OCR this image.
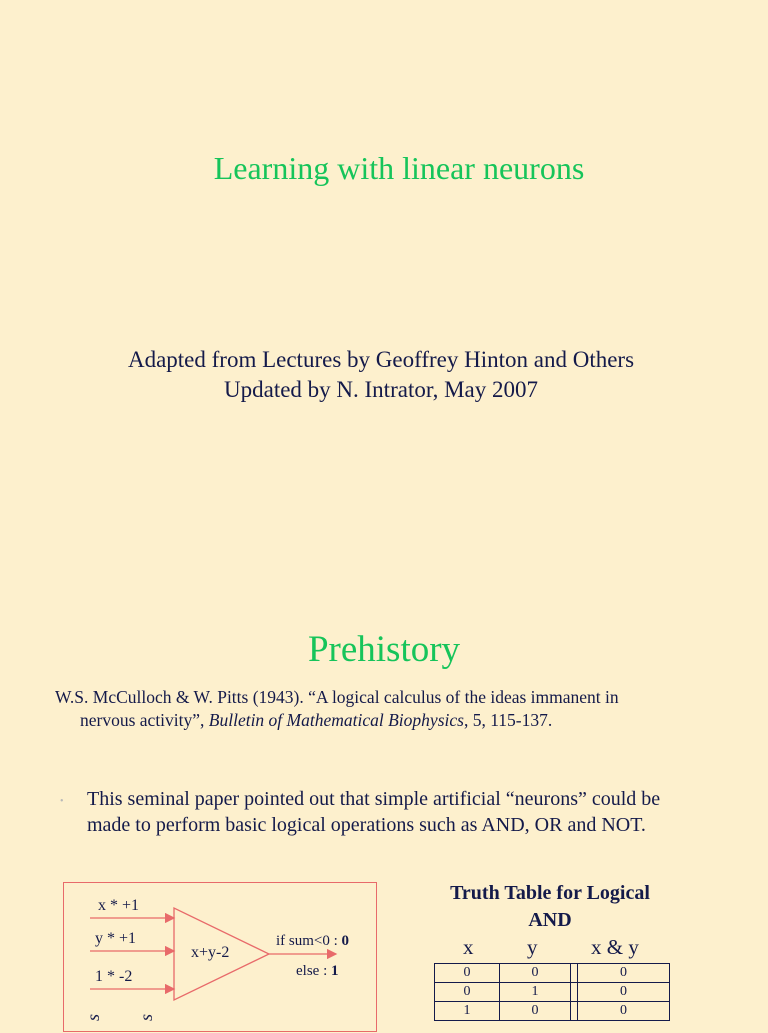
Learning with linear neurons
Adapted from Lectures by Geoffrey Hinton and Others
Updated by N. Intrator, May 2007
Prehistory
W.S. McCulloch & W. Pitts (1943). “A logical calculus of the ideas immanent in
nervous activity”, Bulletin of Mathematical Biophysics, 5, 115-137.
• This seminal paper pointed out that simple artificial “neurons” could be made to perform basic logical operations such as AND, OR and NOT.
x * +1
y * +1
1 * -2
x+y-2
if sum<0 : 0
else : 1
s s
Truth Table for Logical AND
x	y	x & y
0	0		0
0	1		0
1	0		0
